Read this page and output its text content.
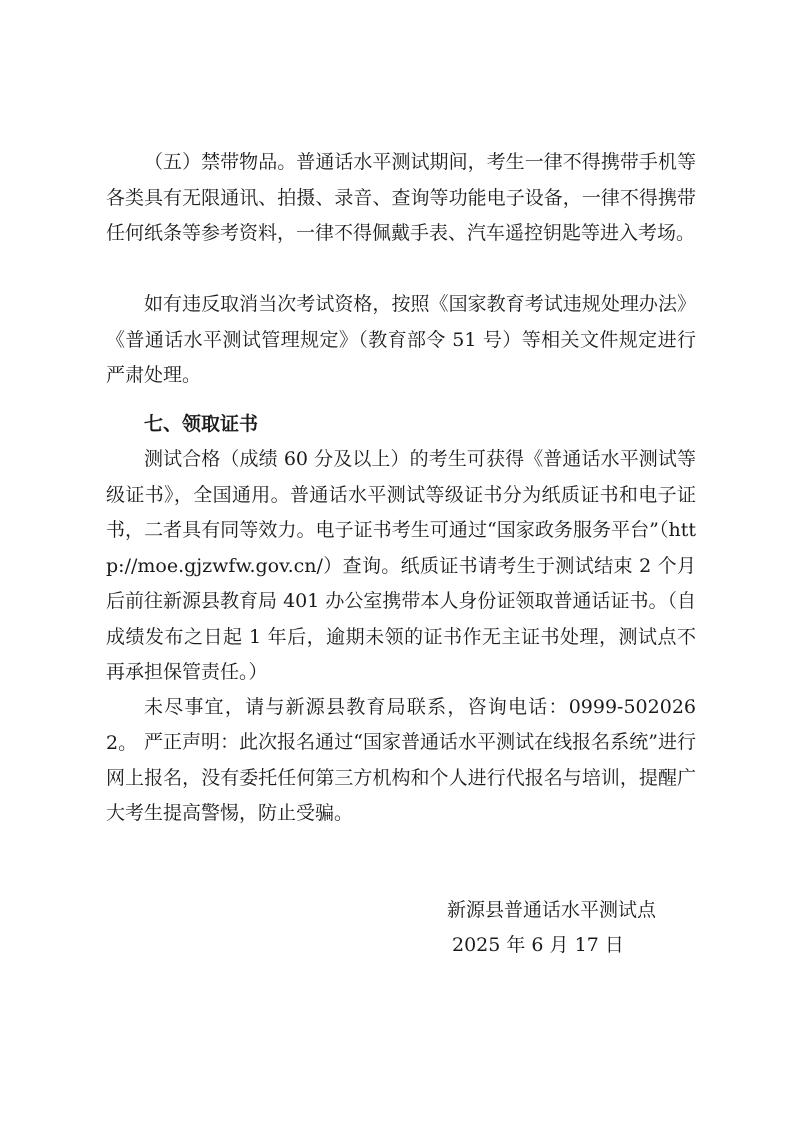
（五）禁带物品。普通话水平测试期间，考生一律不得携带手机等各类具有无限通讯、拍摄、录音、查询等功能电子设备，一律不得携带任何纸条等参考资料，一律不得佩戴手表、汽车遥控钥匙等进入考场。

如有违反取消当次考试资格，按照《国家教育考试违规处理办法》《普通话水平测试管理规定》（教育部令 51 号）等相关文件规定进行严肃处理。

七、领取证书

测试合格（成绩 60 分及以上）的考生可获得《普通话水平测试等级证书》，全国通用。普通话水平测试等级证书分为纸质证书和电子证书，二者具有同等效力。电子证书考生可通过“国家政务服务平台”（http://moe.gjzwfw.gov.cn/）查询。纸质证书请考生于测试结束 2 个月后前往新源县教育局 401 办公室携带本人身份证领取普通话证书。（自成绩发布之日起 1 年后，逾期未领的证书作无主证书处理，测试点不再承担保管责任。）

未尽事宜，请与新源县教育局联系，咨询电话：0999-5020262。 严正声明：此次报名通过“国家普通话水平测试在线报名系统”进行网上报名，没有委托任何第三方机构和个人进行代报名与培训，提醒广大考生提高警惕，防止受骗。

新源县普通话水平测试点

2025 年 6 月 17 日
